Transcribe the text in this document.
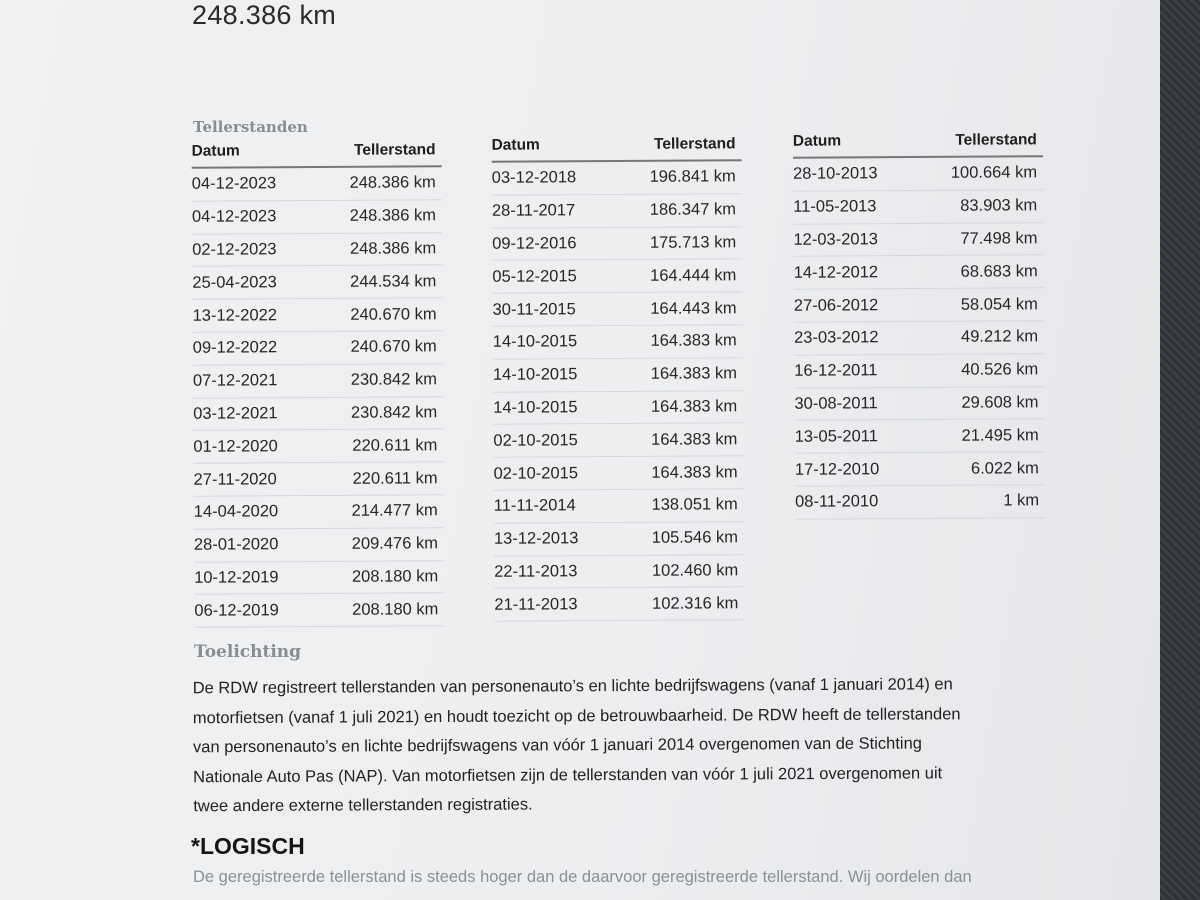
248.386 km
Tellerstanden
Datum	Tellerstand
04-12-2023	248.386 km
04-12-2023	248.386 km
02-12-2023	248.386 km
25-04-2023	244.534 km
13-12-2022	240.670 km
09-12-2022	240.670 km
07-12-2021	230.842 km
03-12-2021	230.842 km
01-12-2020	220.611 km
27-11-2020	220.611 km
14-04-2020	214.477 km
28-01-2020	209.476 km
10-12-2019	208.180 km
06-12-2019	208.180 km
Datum	Tellerstand
03-12-2018	196.841 km
28-11-2017	186.347 km
09-12-2016	175.713 km
05-12-2015	164.444 km
30-11-2015	164.443 km
14-10-2015	164.383 km
14-10-2015	164.383 km
14-10-2015	164.383 km
02-10-2015	164.383 km
02-10-2015	164.383 km
11-11-2014	138.051 km
13-12-2013	105.546 km
22-11-2013	102.460 km
21-11-2013	102.316 km
Datum	Tellerstand
28-10-2013	100.664 km
11-05-2013	83.903 km
12-03-2013	77.498 km
14-12-2012	68.683 km
27-06-2012	58.054 km
23-03-2012	49.212 km
16-12-2011	40.526 km
30-08-2011	29.608 km
13-05-2011	21.495 km
17-12-2010	6.022 km
08-11-2010	1 km
Toelichting
De RDW registreert tellerstanden van personenauto’s en lichte bedrijfswagens (vanaf 1 januari 2014) en
motorfietsen (vanaf 1 juli 2021) en houdt toezicht op de betrouwbaarheid. De RDW heeft de tellerstanden
van personenauto’s en lichte bedrijfswagens van vóór 1 januari 2014 overgenomen van de Stichting
Nationale Auto Pas (NAP). Van motorfietsen zijn de tellerstanden van vóór 1 juli 2021 overgenomen uit
twee andere externe tellerstanden registraties.
*LOGISCH
De geregistreerde tellerstand is steeds hoger dan de daarvoor geregistreerde tellerstand. Wij oordelen dan
